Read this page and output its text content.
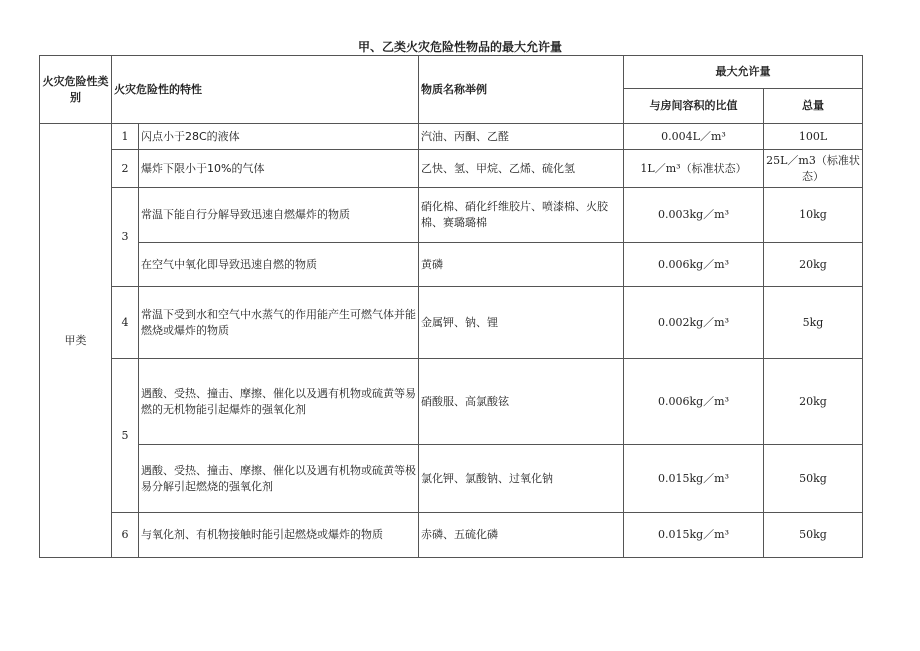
甲、乙类火灾危险性物品的最大允许量
火灾危险性类别	火灾危险性的特性		物质名称举例	最大允许量	
				与房间容积的比值	总量
甲类	1	闪点小于28C的液体	汽油、丙酮、乙醛	0.004L／m³	100L
	2	爆炸下限小于10%的气体	乙快、氢、甲烷、乙烯、硫化氢	1L／m³（标准状态）	25L／m3（标准状态）
	3	常温下能自行分解导致迅速自燃爆炸的物质	硝化棉、硝化纤维胶片、喷漆棉、火胶棉、赛璐璐棉	0.003kg／m³	10kg
		在空气中氧化即导致迅速自燃的物质	黄磷	0.006kg／m³	20kg
	4	常温下受到水和空气中水蒸气的作用能产生可燃气体并能燃烧或爆炸的物质	金属钾、钠、锂	0.002kg／m³	5kg
	5	遇酸、受热、撞击、摩擦、催化以及遇有机物或硫黄等易燃的无机物能引起爆炸的强氧化剂	硝酸服、高氯酸铉	0.006kg／m³	20kg
		遇酸、受热、撞击、摩擦、催化以及遇有机物或硫黄等极易分解引起燃烧的强氧化剂	氯化钾、氯酸钠、过氧化钠	0.015kg／m³	50kg
	6	与氧化剂、有机物接触时能引起燃烧或爆炸的物质	赤磷、五硫化磷	0.015kg／m³	50kg
